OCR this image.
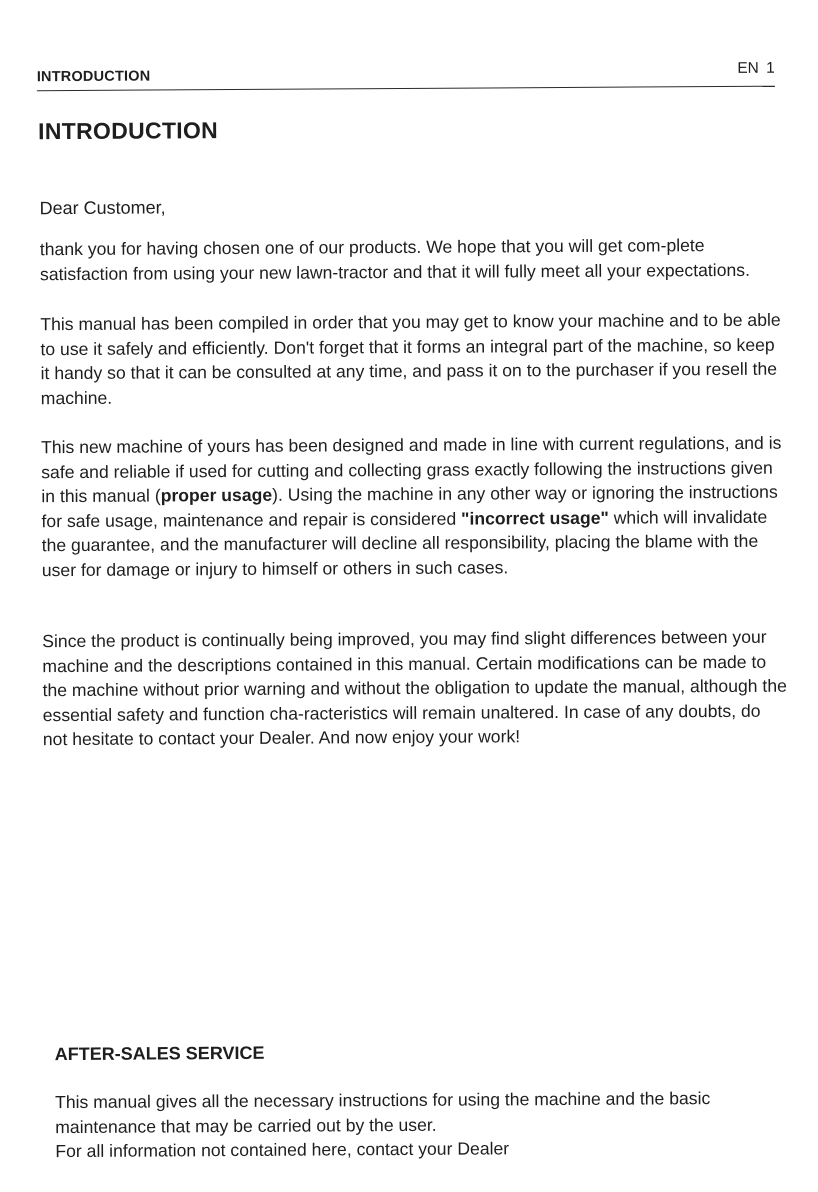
INTRODUCTION	EN 1
INTRODUCTION

Dear Customer,

thank you for having chosen one of our products. We hope that you will get com-plete satisfaction from using your new lawn-tractor and that it will fully meet all your expectations.

This manual has been compiled in order that you may get to know your machine and to be able to use it safely and efficiently. Don't forget that it forms an integral part of the machine, so keep it handy so that it can be consulted at any time, and pass it on to the purchaser if you resell the machine.

This new machine of yours has been designed and made in line with current regulations, and is safe and reliable if used for cutting and collecting grass exactly following the instructions given in this manual (proper usage). Using the machine in any other way or ignoring the instructions for safe usage, maintenance and repair is considered "incorrect usage" which will invalidate the guarantee, and the manufacturer will decline all responsibility, placing the blame with the user for damage or injury to himself or others in such cases.

Since the product is continually being improved, you may find slight differences between your machine and the descriptions contained in this manual. Certain modifications can be made to the machine without prior warning and without the obligation to update the manual, although the essential safety and function cha-racteristics will remain unaltered. In case of any doubts, do not hesitate to contact your Dealer. And now enjoy your work!

AFTER-SALES SERVICE

This manual gives all the necessary instructions for using the machine and the basic maintenance that may be carried out by the user.

For all information not contained here, contact your Dealer
